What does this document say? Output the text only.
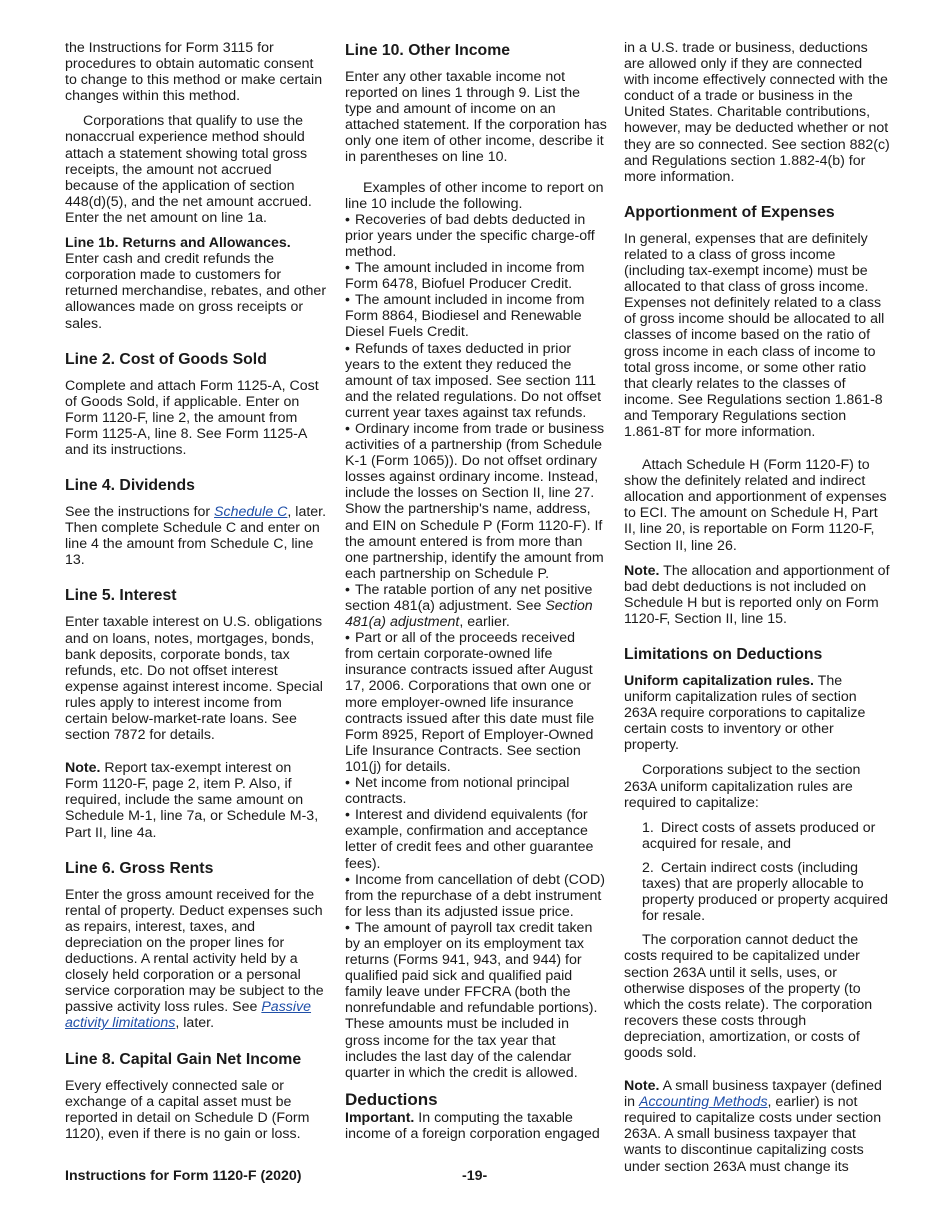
the Instructions for Form 3115 for procedures to obtain automatic consent to change to this method or make certain changes within this method.

Corporations that qualify to use the nonaccrual experience method should attach a statement showing total gross receipts, the amount not accrued because of the application of section 448(d)(5), and the net amount accrued. Enter the net amount on line 1a.

Line 1b. Returns and Allowances. Enter cash and credit refunds the corporation made to customers for returned merchandise, rebates, and other allowances made on gross receipts or sales.

Line 2. Cost of Goods Sold

Complete and attach Form 1125-A, Cost of Goods Sold, if applicable. Enter on Form 1120-F, line 2, the amount from Form 1125-A, line 8. See Form 1125-A and its instructions.

Line 4. Dividends

See the instructions for Schedule C, later. Then complete Schedule C and enter on line 4 the amount from Schedule C, line 13.

Line 5. Interest

Enter taxable interest on U.S. obligations and on loans, notes, mortgages, bonds, bank deposits, corporate bonds, tax refunds, etc. Do not offset interest expense against interest income. Special rules apply to interest income from certain below-market-rate loans. See section 7872 for details.

Note. Report tax-exempt interest on Form 1120-F, page 2, item P. Also, if required, include the same amount on Schedule M-1, line 7a, or Schedule M-3, Part II, line 4a.

Line 6. Gross Rents

Enter the gross amount received for the rental of property. Deduct expenses such as repairs, interest, taxes, and depreciation on the proper lines for deductions. A rental activity held by a closely held corporation or a personal service corporation may be subject to the passive activity loss rules. See Passive activity limitations, later.

Line 8. Capital Gain Net Income

Every effectively connected sale or exchange of a capital asset must be reported in detail on Schedule D (Form 1120), even if there is no gain or loss.

Line 10. Other Income

Enter any other taxable income not reported on lines 1 through 9. List the type and amount of income on an attached statement. If the corporation has only one item of other income, describe it in parentheses on line 10.

Examples of other income to report on line 10 include the following.

• Recoveries of bad debts deducted in prior years under the specific charge-off method.

• The amount included in income from Form 6478, Biofuel Producer Credit.

• The amount included in income from Form 8864, Biodiesel and Renewable Diesel Fuels Credit.

• Refunds of taxes deducted in prior years to the extent they reduced the amount of tax imposed. See section 111 and the related regulations. Do not offset current year taxes against tax refunds.

• Ordinary income from trade or business activities of a partnership (from Schedule K-1 (Form 1065)). Do not offset ordinary losses against ordinary income. Instead, include the losses on Section II, line 27. Show the partnership's name, address, and EIN on Schedule P (Form 1120-F). If the amount entered is from more than one partnership, identify the amount from each partnership on Schedule P.

• The ratable portion of any net positive section 481(a) adjustment. See Section 481(a) adjustment, earlier.

• Part or all of the proceeds received from certain corporate-owned life insurance contracts issued after August 17, 2006. Corporations that own one or more employer-owned life insurance contracts issued after this date must file Form 8925, Report of Employer-Owned Life Insurance Contracts. See section 101(j) for details.

• Net income from notional principal contracts.

• Interest and dividend equivalents (for example, confirmation and acceptance letter of credit fees and other guarantee fees).

• Income from cancellation of debt (COD) from the repurchase of a debt instrument for less than its adjusted issue price.

• The amount of payroll tax credit taken by an employer on its employment tax returns (Forms 941, 943, and 944) for qualified paid sick and qualified paid family leave under FFCRA (both the nonrefundable and refundable portions). These amounts must be included in gross income for the tax year that includes the last day of the calendar quarter in which the credit is allowed.

Deductions

Important. In computing the taxable income of a foreign corporation engaged

in a U.S. trade or business, deductions are allowed only if they are connected with income effectively connected with the conduct of a trade or business in the United States. Charitable contributions, however, may be deducted whether or not they are so connected. See section 882(c) and Regulations section 1.882-4(b) for more information.

Apportionment of Expenses

In general, expenses that are definitely related to a class of gross income (including tax-exempt income) must be allocated to that class of gross income. Expenses not definitely related to a class of gross income should be allocated to all classes of income based on the ratio of gross income in each class of income to total gross income, or some other ratio that clearly relates to the classes of income. See Regulations section 1.861-8 and Temporary Regulations section 1.861-8T for more information.

Attach Schedule H (Form 1120-F) to show the definitely related and indirect allocation and apportionment of expenses to ECI. The amount on Schedule H, Part II, line 20, is reportable on Form 1120-F, Section II, line 26.

Note. The allocation and apportionment of bad debt deductions is not included on Schedule H but is reported only on Form 1120-F, Section II, line 15.

Limitations on Deductions

Uniform capitalization rules. The uniform capitalization rules of section 263A require corporations to capitalize certain costs to inventory or other property.

Corporations subject to the section 263A uniform capitalization rules are required to capitalize:

1. Direct costs of assets produced or acquired for resale, and

2. Certain indirect costs (including taxes) that are properly allocable to property produced or property acquired for resale.

The corporation cannot deduct the costs required to be capitalized under section 263A until it sells, uses, or otherwise disposes of the property (to which the costs relate). The corporation recovers these costs through depreciation, amortization, or costs of goods sold.

Note. A small business taxpayer (defined in Accounting Methods, earlier) is not required to capitalize costs under section 263A. A small business taxpayer that wants to discontinue capitalizing costs under section 263A must change its

Instructions for Form 1120-F (2020)	-19-
